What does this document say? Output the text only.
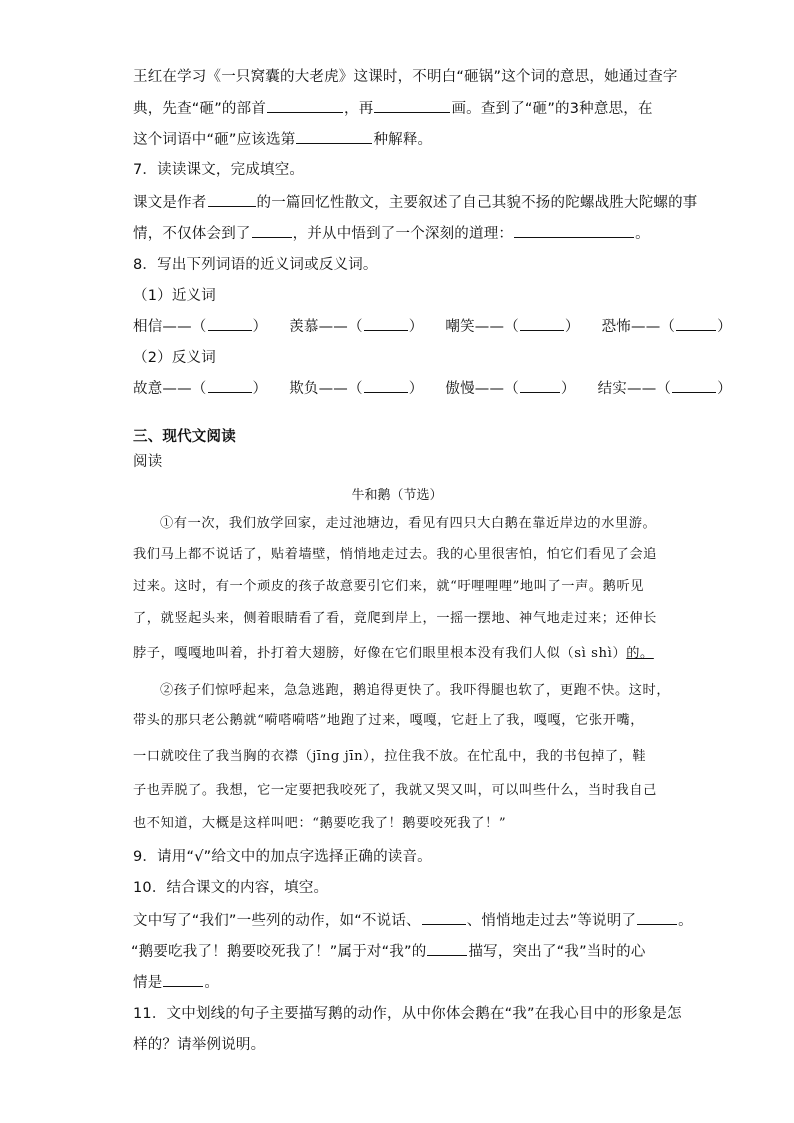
王红在学习《一只窝囊的大老虎》这课时，不明白“砸锅”这个词的意思，她通过查字
典，先查“砸”的部首	，再	画。查到了“砸”的3种意思，在
这个词语中“砸”应该选第	种解释。
7．读读课文，完成填空。
课文是作者	的一篇回忆性散文，主要叙述了自己其貌不扬的陀螺战胜大陀螺的事
情，不仅体会到了	，并从中悟到了一个深刻的道理：	。
8．写出下列词语的近义词或反义词。
（1）近义词
相信——（	） 羡慕——（	） 嘲笑——（	） 恐怖——（	）
（2）反义词
故意——（	） 欺负——（	） 傲慢——（	） 结实——（	）
三、现代文阅读
阅读
牛和鹅（节选）
①有一次，我们放学回家，走过池塘边，看见有四只大白鹅在靠近岸边的水里游。
我们马上都不说话了，贴着墙壁，悄悄地走过去。我的心里很害怕，怕它们看见了会追
过来。这时，有一个顽皮的孩子故意要引它们来，就“吁哩哩哩”地叫了一声。鹅听见
了，就竖起头来，侧着眼睛看了看，竟爬到岸上，一摇一摆地、神气地走过来；还伸长
脖子，嘎嘎地叫着，扑打着大翅膀，好像在它们眼里根本没有我们人似（sì shì）的。
②孩子们惊呼起来，急急逃跑，鹅追得更快了。我吓得腿也软了，更跑不快。这时，
带头的那只老公鹅就“嗬嗒嗬嗒”地跑了过来，嘎嘎，它赶上了我，嘎嘎，它张开嘴，
一口就咬住了我当胸的衣襟（jīng jīn），拉住我不放。在忙乱中，我的书包掉了，鞋
子也弄脱了。我想，它一定要把我咬死了，我就又哭又叫，可以叫些什么，当时我自己
也不知道，大概是这样叫吧：“鹅要吃我了！鹅要咬死我了！”
9．请用“√”给文中的加点字选择正确的读音。
10．结合课文的内容，填空。
文中写了“我们”一些列的动作，如“不说话、	、悄悄地走过去”等说明了	。
“鹅要吃我了！鹅要咬死我了！”属于对“我”的	描写，突出了“我”当时的心
情是	。
11．文中划线的句子主要描写鹅的动作，从中你体会鹅在“我”在我心目中的形象是怎
样的？请举例说明。
